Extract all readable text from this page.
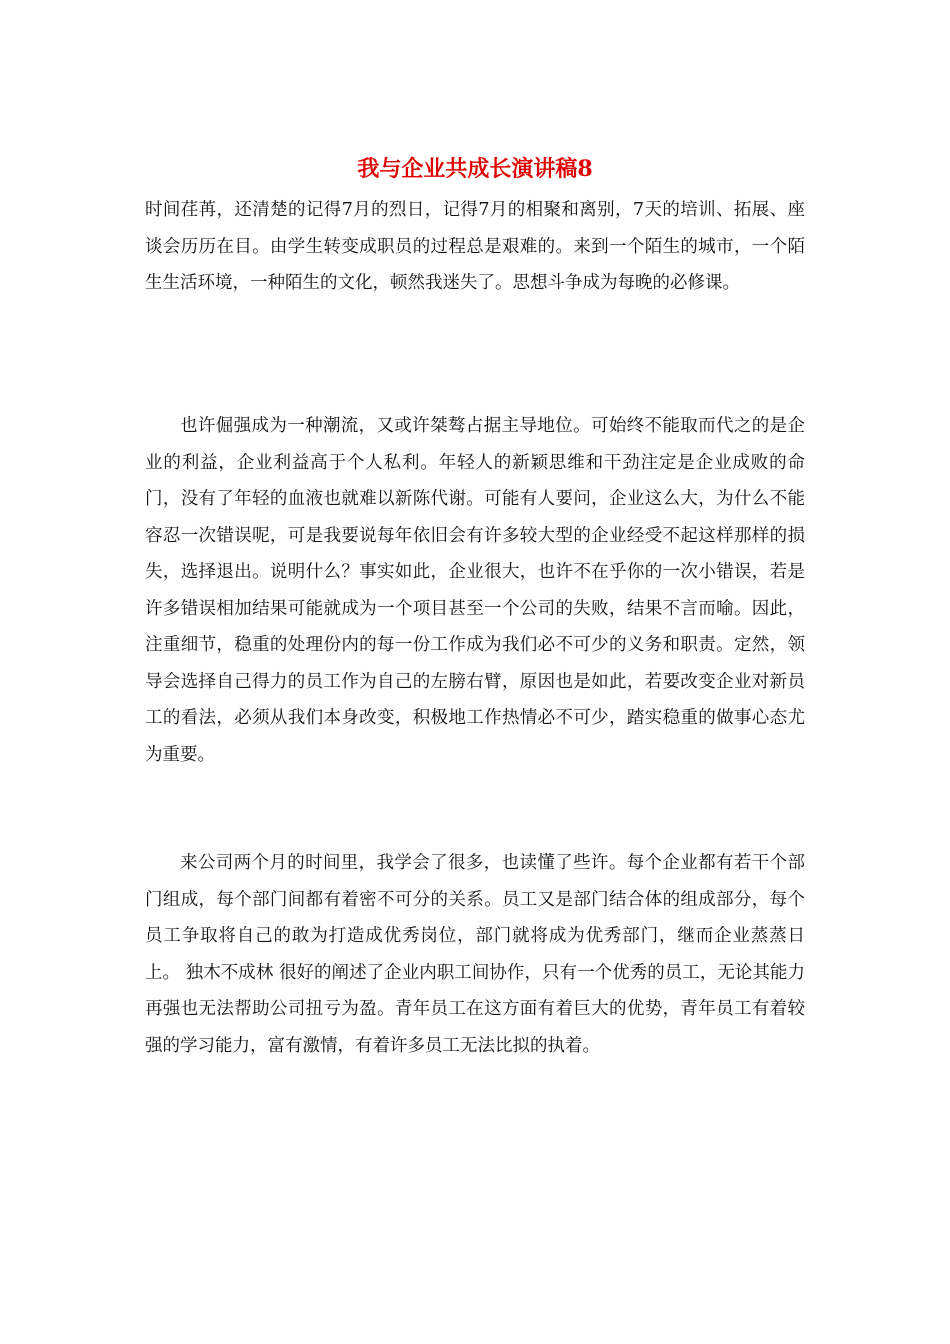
我与企业共成长演讲稿8

时间荏苒，还清楚的记得7月的烈日，记得7月的相聚和离别，7天的培训、拓展、座谈会历历在目。由学生转变成职员的过程总是艰难的。来到一个陌生的城市，一个陌生生活环境，一种陌生的文化，顿然我迷失了。思想斗争成为每晚的必修课。

也许倔强成为一种潮流，又或许桀骜占据主导地位。可始终不能取而代之的是企业的利益，企业利益高于个人私利。年轻人的新颖思维和干劲注定是企业成败的命门，没有了年轻的血液也就难以新陈代谢。可能有人要问，企业这么大，为什么不能容忍一次错误呢，可是我要说每年依旧会有许多较大型的企业经受不起这样那样的损失，选择退出。说明什么？事实如此，企业很大，也许不在乎你的一次小错误，若是许多错误相加结果可能就成为一个项目甚至一个公司的失败，结果不言而喻。因此，注重细节，稳重的处理份内的每一份工作成为我们必不可少的义务和职责。定然，领导会选择自己得力的员工作为自己的左膀右臂，原因也是如此，若要改变企业对新员工的看法，必须从我们本身改变，积极地工作热情必不可少，踏实稳重的做事心态尤为重要。

来公司两个月的时间里，我学会了很多，也读懂了些许。每个企业都有若干个部门组成，每个部门间都有着密不可分的关系。员工又是部门结合体的组成部分，每个员工争取将自己的敢为打造成优秀岗位，部门就将成为优秀部门，继而企业蒸蒸日上。 独木不成林 很好的阐述了企业内职工间协作，只有一个优秀的员工，无论其能力再强也无法帮助公司扭亏为盈。青年员工在这方面有着巨大的优势，青年员工有着较强的学习能力，富有激情，有着许多员工无法比拟的执着。
